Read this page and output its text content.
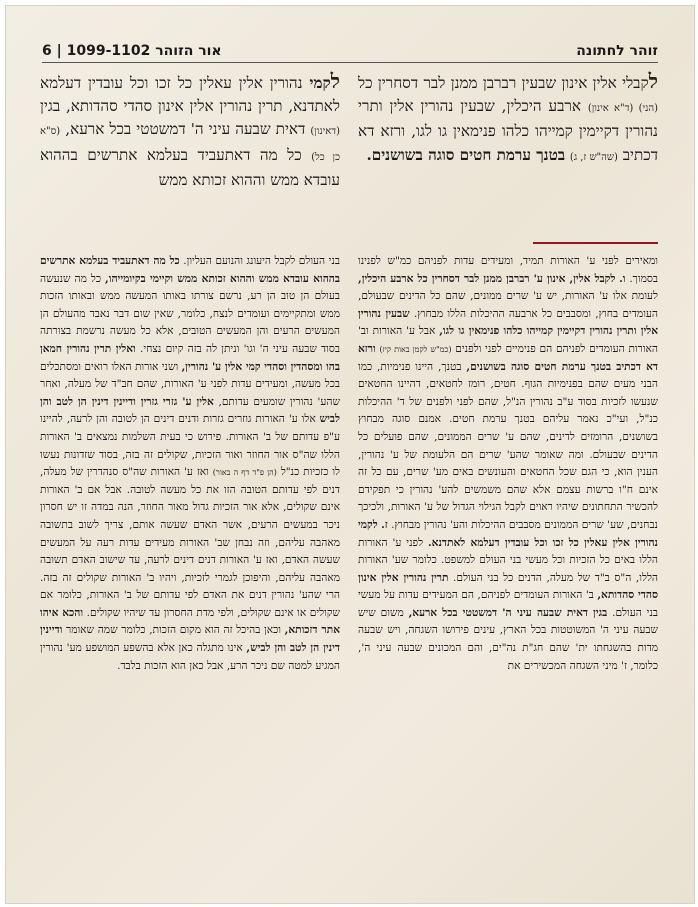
זוהר לחתונה
אור הזוהר 1099-1102 | 6
לקבלי אלין אינון שבעין רברבן ממנן לבר דסחרין כל (הני) (ד"א אינון) ארבע היכלין, שבעין נהורין אלין ותרי נהורין דקיימין קמייהו כלהו פנימאין גו לגו, ורזא דא דכתיב (שה"ש ז, ג) בטנך ערמת חטים סוגה בשושנים.
לקמי נהורין אלין עאלין כל זכו וכל עובדין דעלמא לאתדנא, תרין נהורין אלין אינון סהדי סהדותא, בגין (דאינון) דאית שבעה עיני ה' דמשטטי בכל ארעא, (ס"א כן כל) כל מה דאתעביד בעלמא אתרשים בההוא עובדא ממש וההוא זכותא ממש
ומאירים לפני ע' האורות תמיד, ומעידים עדות לפניהם כמ"ש לפנינו בסמוך. ו. לקבל אלין, אינון ע' רברבן ממנן לבר דסחרין כל ארבע היכלין, לעומת אלו ע' האורות, יש ע' שרים ממונים, שהם כל הדינים שבעולם, העומדים בחוץ, ומסבבים כל ארבעה ההיכלות הללו מבחוץ. שבעין נהורין אלין ותרין נהורין דקיימין קמייהו כלהו פנימאין גו לגו, אבל ע' האורות וב' האורות העומדים לפניהם הם פנימיים לפני ולפנים (כמ"ש לקמן באות קיז) ורזא דא דכתיב בטנך ערמת חטים סוגה בשושנים, בטנך, היינו פנימיות, כמו הבני מעים שהם בפנימיות הגוף. חטים, רומז לחטאים, דהיינו החטאים שנעשו לזכיות בסוד ע"ב נהורין הנ"ל, שהם לפני ולפנים של ד' ההיכלות כנ"ל, ועי"כ נאמר עליהם בטנך ערמת חטים. אמנם סוגה מבחוץ בשושנים, הרומזים לדינים, שהם ע' שרים הממונים, שהם פועלים כל הדינים שבעולם. ומה שאומר שהע' שרים הם הלעומת של ע' נהורין, הענין הוא, כי הגם שכל החטאים והעונשים באים מע' שרים, עם כל זה אינם ח"ו ברשות עצמם אלא שהם משמשים להע' נהורין כי תפקידם להכשיר התחתונים שיהיו ראוים לקבל הגילוי הגדול של ע' האורות, ולכיכך נבחנים, שע' שרים הממונים מסבבים ההיכלות והע' נהורין מבחוץ. ז. לקמי נהורין אלין עאלין כל זכו וכל עובדין דעלמא לאתדנא. לפני ע' האורות הללו באים כל הזכיות וכל מעשי בני העולם למשפט. כלומר שע' האורות הללו, ה"ס ב"ד של מעלה, הדנים כל בני העולם. תרין נהורין אלין אינון סהדי סהדותא, ב' האורות העומדים לפניהם, הם המעידים עדות על מעשי בני העולם. בגין דאית שבעה עיני ה' דמשטטי בכל ארעא, משום שיש שבעה עיני ה' המשוטטות בכל הארץ, עינים פירושו השגחה, ויש שבעה מדות בהשגחתו ית' שהם חג"ת נה"ים, והם המכונים שבעה עיני ה', כלומר, ז' מיני השגחה המכשירים את
בני העולם לקבל היעונג והנועם העליון. כל מה דאתעביד בעלמא אתרשים בההוא עובדא ממש וההוא זכותא ממש וקיימי בקיומייהו, כל מה שנעשה בעולם הן טוב הן רע, נרשם צורתו באותו המעשה ממש ובאותו הזכות ממש ומתקיימים ועומדים לנצח, כלומר, שאין שום דבר נאבד מהעולם הן המעשים הרעים והן המעשים הטובים, אלא כל מעשה נרשמת בצורתה בסוד שבעה עיני ה' וגו' וניתן לה בזה קיום נצחי. ואלין תרין נהורין חמאן בהו ומסהדין וסהדי קמי אלין ע' נהורין, ושני אורות האלו רואים ומסתכלים בכל מעשה, ומעידים עדות לפני ע' האורות, שהם חב"ד של מעלה, ואחר שהע' נהורין שומעים עדותם, אלין ע' גזרי גזרין ודיינין דינין הן לטב והן לביש אלו ע' האורות גוזרים גזרות ודנים דינים הן לטובה והן לרעה, להיינו ע"פ עדותם של ב' האורות. פירוש כי בעית השלמות נמצאים ב' האורות הללו שה"ס אור החוזר ואור הזכיות, שקולים זה בזה, בסוד שזדונות נעשו לו כזכיות כנ"ל (הן פ"ד דף ה באור) ואז ע' האורות שה"ס סנהדרין של מעלה, דנים לפי עדותם הטובה הזו את כל מעשה לטובה. אבל אם ב' האורות אינם שקולים, אלא אור הזכיות גדול מאור החוזר, הנה במדה זו יש חסרון ניכר במעשים הרעים, אשר האדם שעשה אותם, צריך לשוב בתשובה מאהבה עליהם, וזה נבחן שב' האורות מעידים עדות רעה על המעשים שעשה האדם, ואז ע' האורות דנים דינים לרעה, עד שישוב האדם תשובה מאהבה עליהם, והיפוכן לגמרי לזכיות, ויהיו ב' האורות שקולים זה בזה. הרי שהע' נהורין דנים את האדם לפי עדותם של ב' האורות, כלומר אם שקולים או אינם שקולים, ולפי מדת החסרון עד שיהיו שקולים. והכא איהו אתר דזכותא, וכאן בהיכל זה הוא מקום הזכות, כלומר שמה שאומר ודיינין דינין הן לטב והן לביש, אינו מתגלה כאן אלא בהשפע המושפע מע' נהורין המגיע למטה שם ניכר הרע, אבל כאן הוא הזכות בלבד.
